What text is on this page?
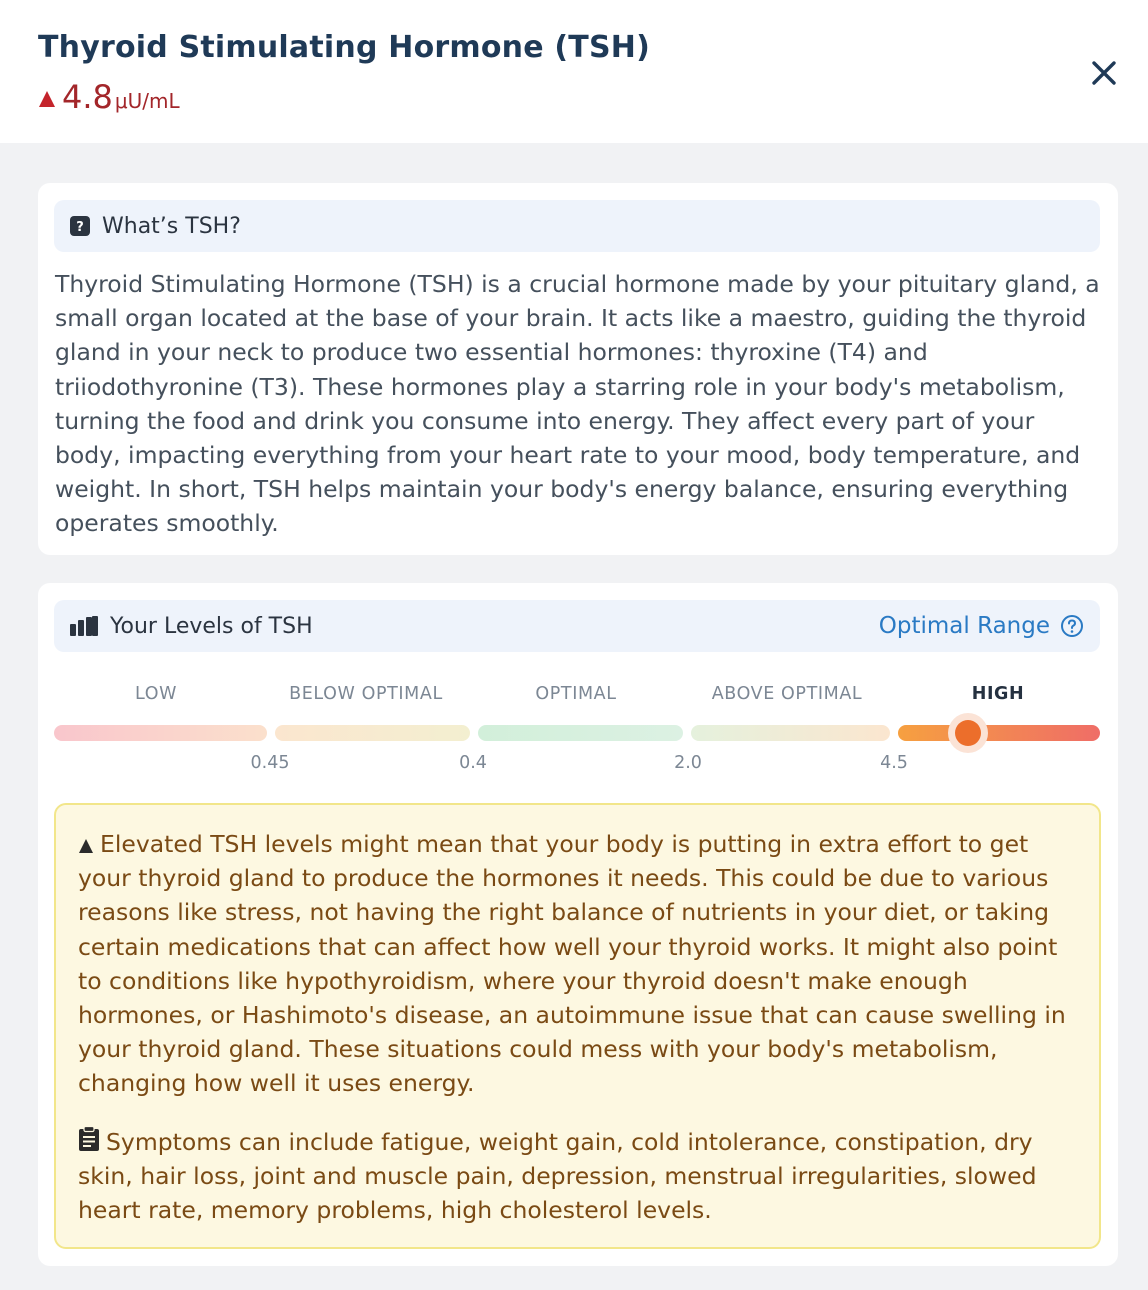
Thyroid Stimulating Hormone (TSH)
4.8 μU/mL
? What’s TSH?
Thyroid Stimulating Hormone (TSH) is a crucial hormone made by your pituitary gland, a small organ located at the base of your brain. It acts like a maestro, guiding the thyroid gland in your neck to produce two essential hormones: thyroxine (T4) and triiodothyronine (T3). These hormones play a starring role in your body's metabolism, turning the food and drink you consume into energy. They affect every part of your body, impacting everything from your heart rate to your mood, body temperature, and weight. In short, TSH helps maintain your body's energy balance, ensuring everything operates smoothly.
Your Levels of TSH	Optimal Range
LOW	BELOW OPTIMAL	OPTIMAL	ABOVE OPTIMAL	HIGH
0.45	0.4	2.0	4.5
Elevated TSH levels might mean that your body is putting in extra effort to get your thyroid gland to produce the hormones it needs. This could be due to various reasons like stress, not having the right balance of nutrients in your diet, or taking certain medications that can affect how well your thyroid works. It might also point to conditions like hypothyroidism, where your thyroid doesn't make enough hormones, or Hashimoto's disease, an autoimmune issue that can cause swelling in your thyroid gland. These situations could mess with your body's metabolism, changing how well it uses energy.
Symptoms can include fatigue, weight gain, cold intolerance, constipation, dry skin, hair loss, joint and muscle pain, depression, menstrual irregularities, slowed heart rate, memory problems, high cholesterol levels.
